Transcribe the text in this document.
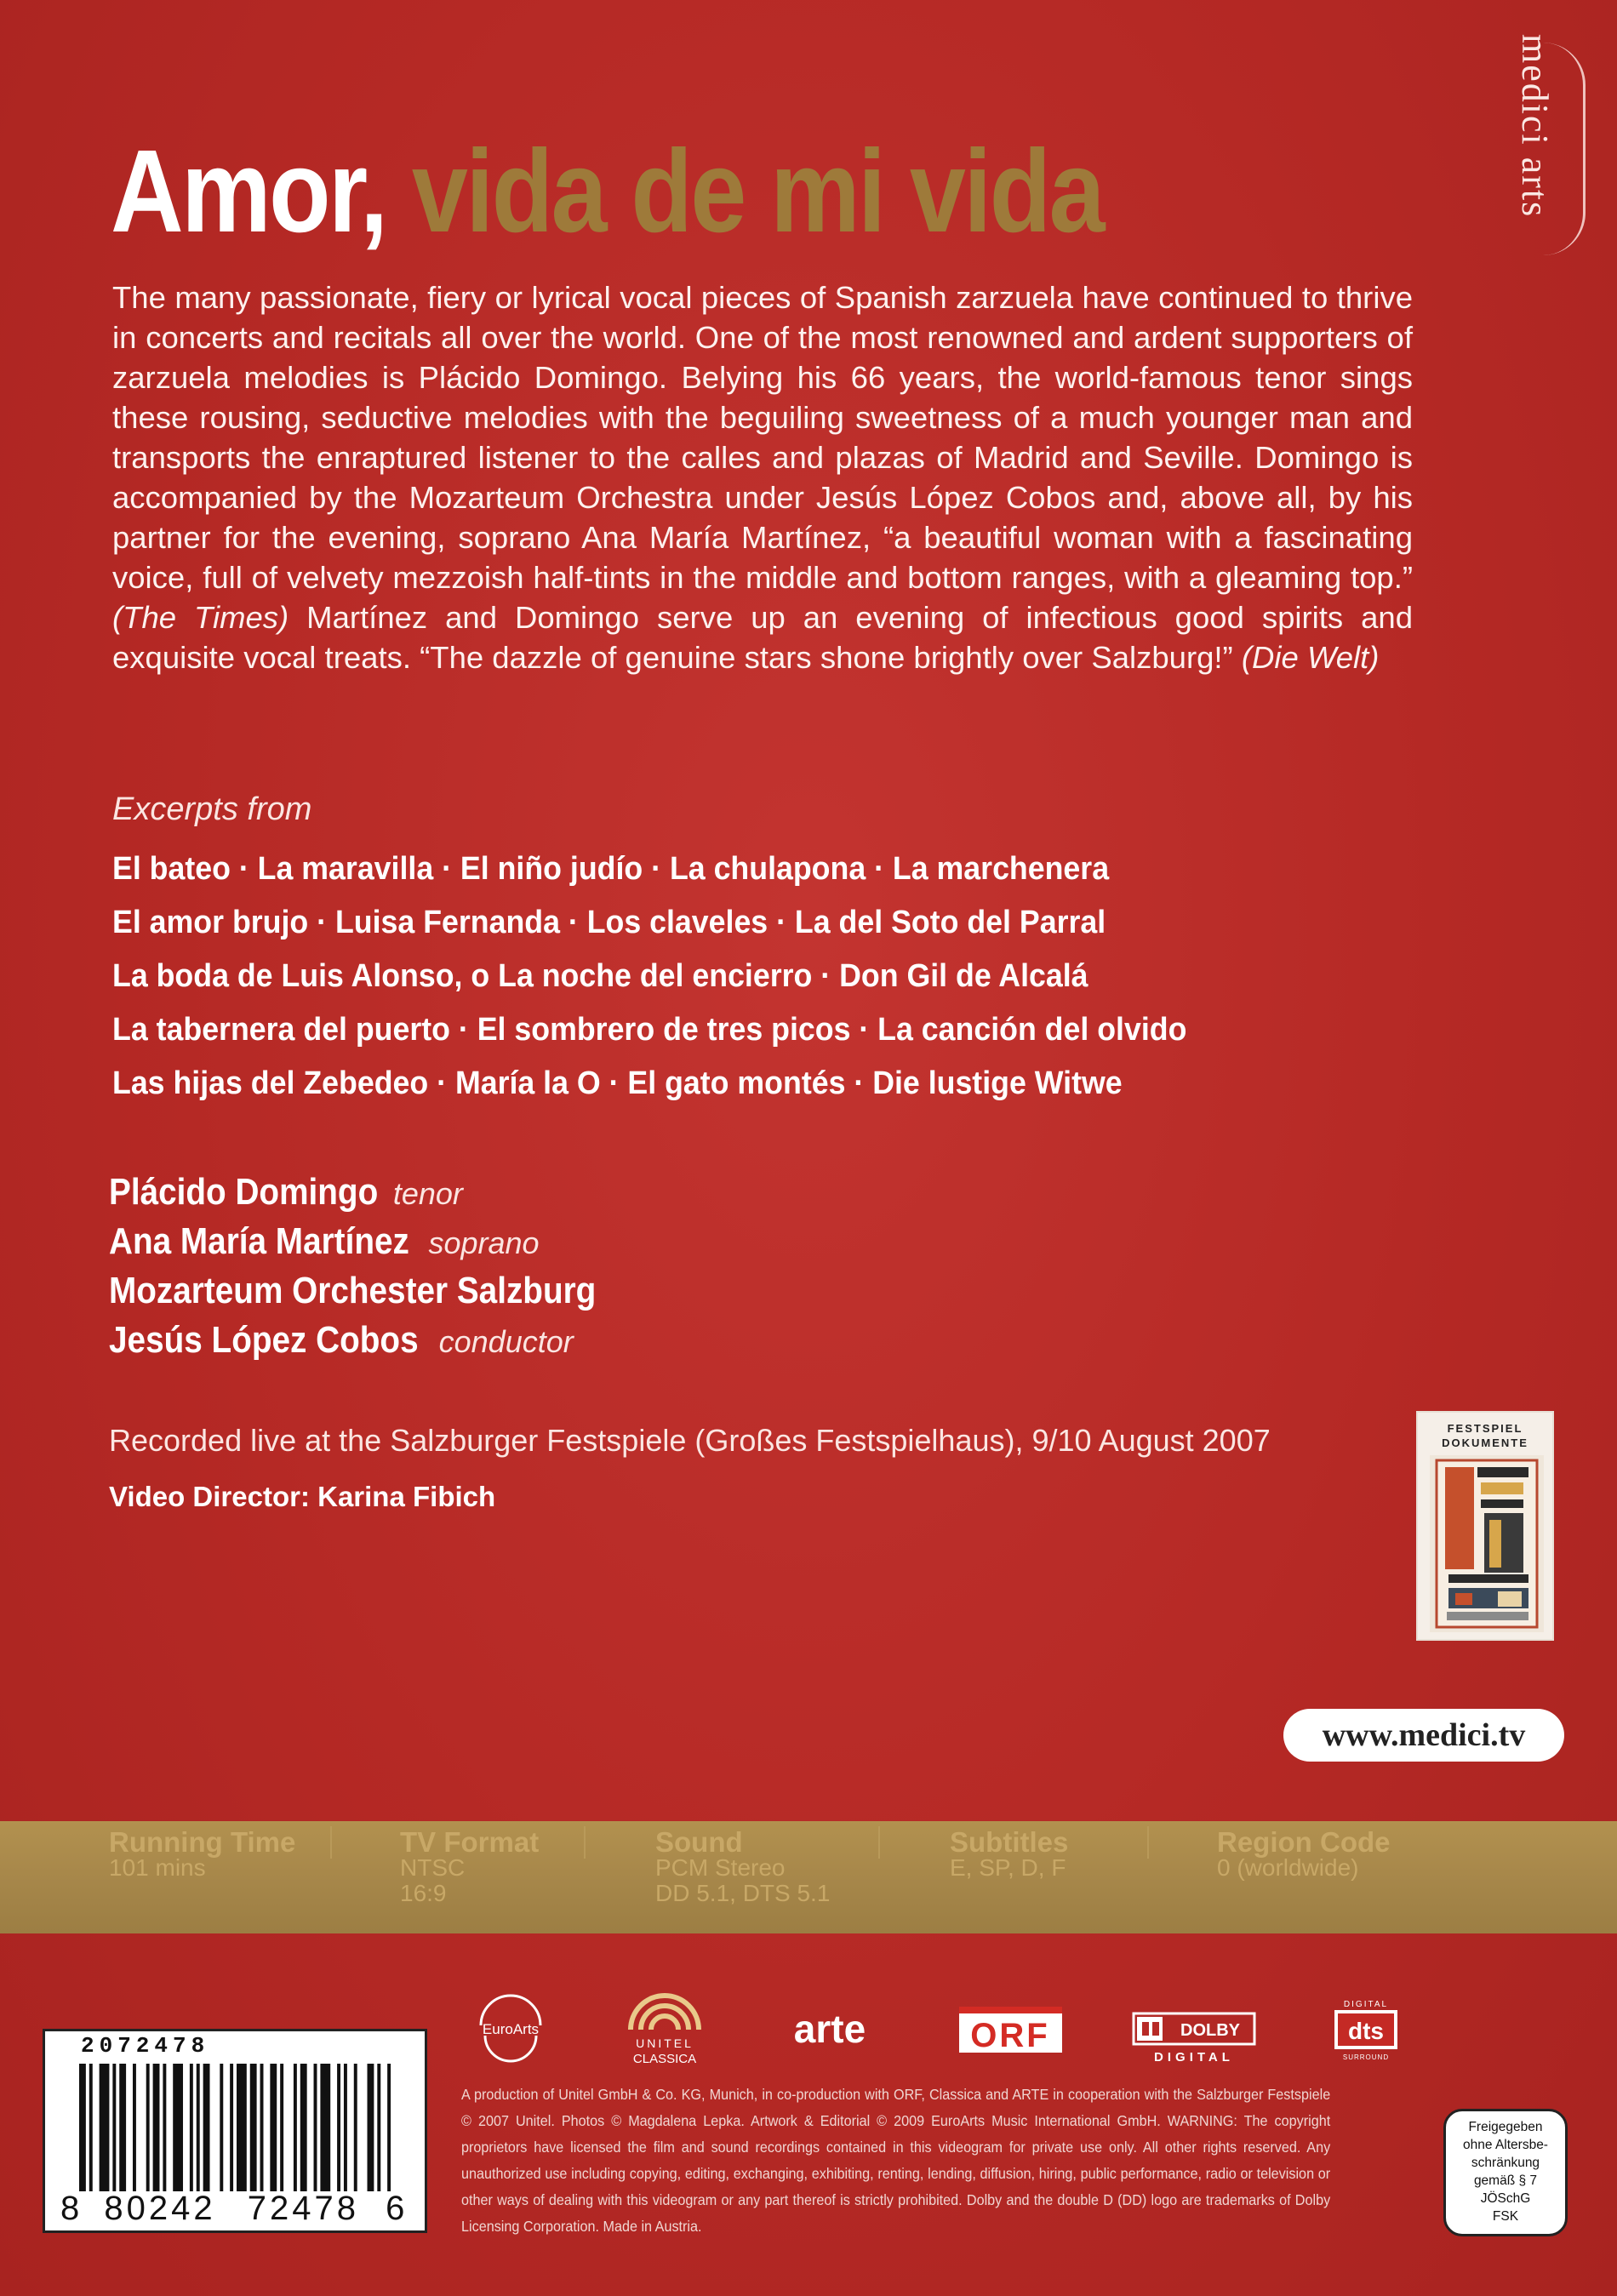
medici arts
Amor, vida de mi vida
The many passionate, fiery or lyrical vocal pieces of Spanish zarzuela have continued to thrive in concerts and recitals all over the world. One of the most renowned and ardent supporters of zarzuela melodies is Plácido Domingo. Belying his 66 years, the world-famous tenor sings these rousing, seductive melodies with the beguiling sweetness of a much younger man and transports the enraptured listener to the calles and plazas of Madrid and Seville. Domingo is accompanied by the Mozarteum Orchestra under Jesús López Cobos and, above all, by his partner for the evening, soprano Ana María Martínez, “a beautiful woman with a fascinating voice, full of velvety mezzoish half-tints in the middle and bottom ranges, with a gleaming top.” (The Times) Martínez and Domingo serve up an evening of infectious good spirits and exquisite vocal treats. “The dazzle of genuine stars shone brightly over Salzburg!” (Die Welt)
Excerpts from
El bateo · La maravilla · El niño judío · La chulapona · La marchenera
El amor brujo · Luisa Fernanda · Los claveles · La del Soto del Parral
La boda de Luis Alonso, o La noche del encierro · Don Gil de Alcalá
La tabernera del puerto · El sombrero de tres picos · La canción del olvido
Las hijas del Zebedeo · María la O · El gato montés · Die lustige Witwe
Plácido Domingo tenor
Ana María Martínez soprano
Mozarteum Orchester Salzburg
Jesús López Cobos conductor
Recorded live at the Salzburger Festspiele (Großes Festspielhaus), 9/10 August 2007
Video Director: Karina Fibich
FESTSPIEL
DOKUMENTE
www.medici.tv
Running Time
101 mins
TV Format
NTSC
16:9
Sound
PCM Stereo
DD 5.1, DTS 5.1
Subtitles
E, SP, D, F
Region Code
0 (worldwide)
2072478
8 80242 72478 6
EuroArts
UNITEL
CLASSICA
arte	ORF	DOLBY
DIGITAL
DIGITAL
dts
SURROUND
A production of Unitel GmbH & Co. KG, Munich, in co-production with ORF, Classica and ARTE in cooperation with the Salzburger Festspiele © 2007 Unitel. Photos © Magdalena Lepka. Artwork & Editorial © 2009 EuroArts Music International GmbH. WARNING: The copyright proprietors have licensed the film and sound recordings contained in this videogram for private use only. All other rights reserved. Any unauthorized use including copying, editing, exchanging, exhibiting, renting, lending, diffusion, hiring, public performance, radio or television or other ways of dealing with this videogram or any part thereof is strictly prohibited. Dolby and the double D (DD) logo are trademarks of Dolby Licensing Corporation. Made in Austria.
Freigegeben
ohne Altersbe-
schränkung
gemäß § 7
JÖSchG
FSK
